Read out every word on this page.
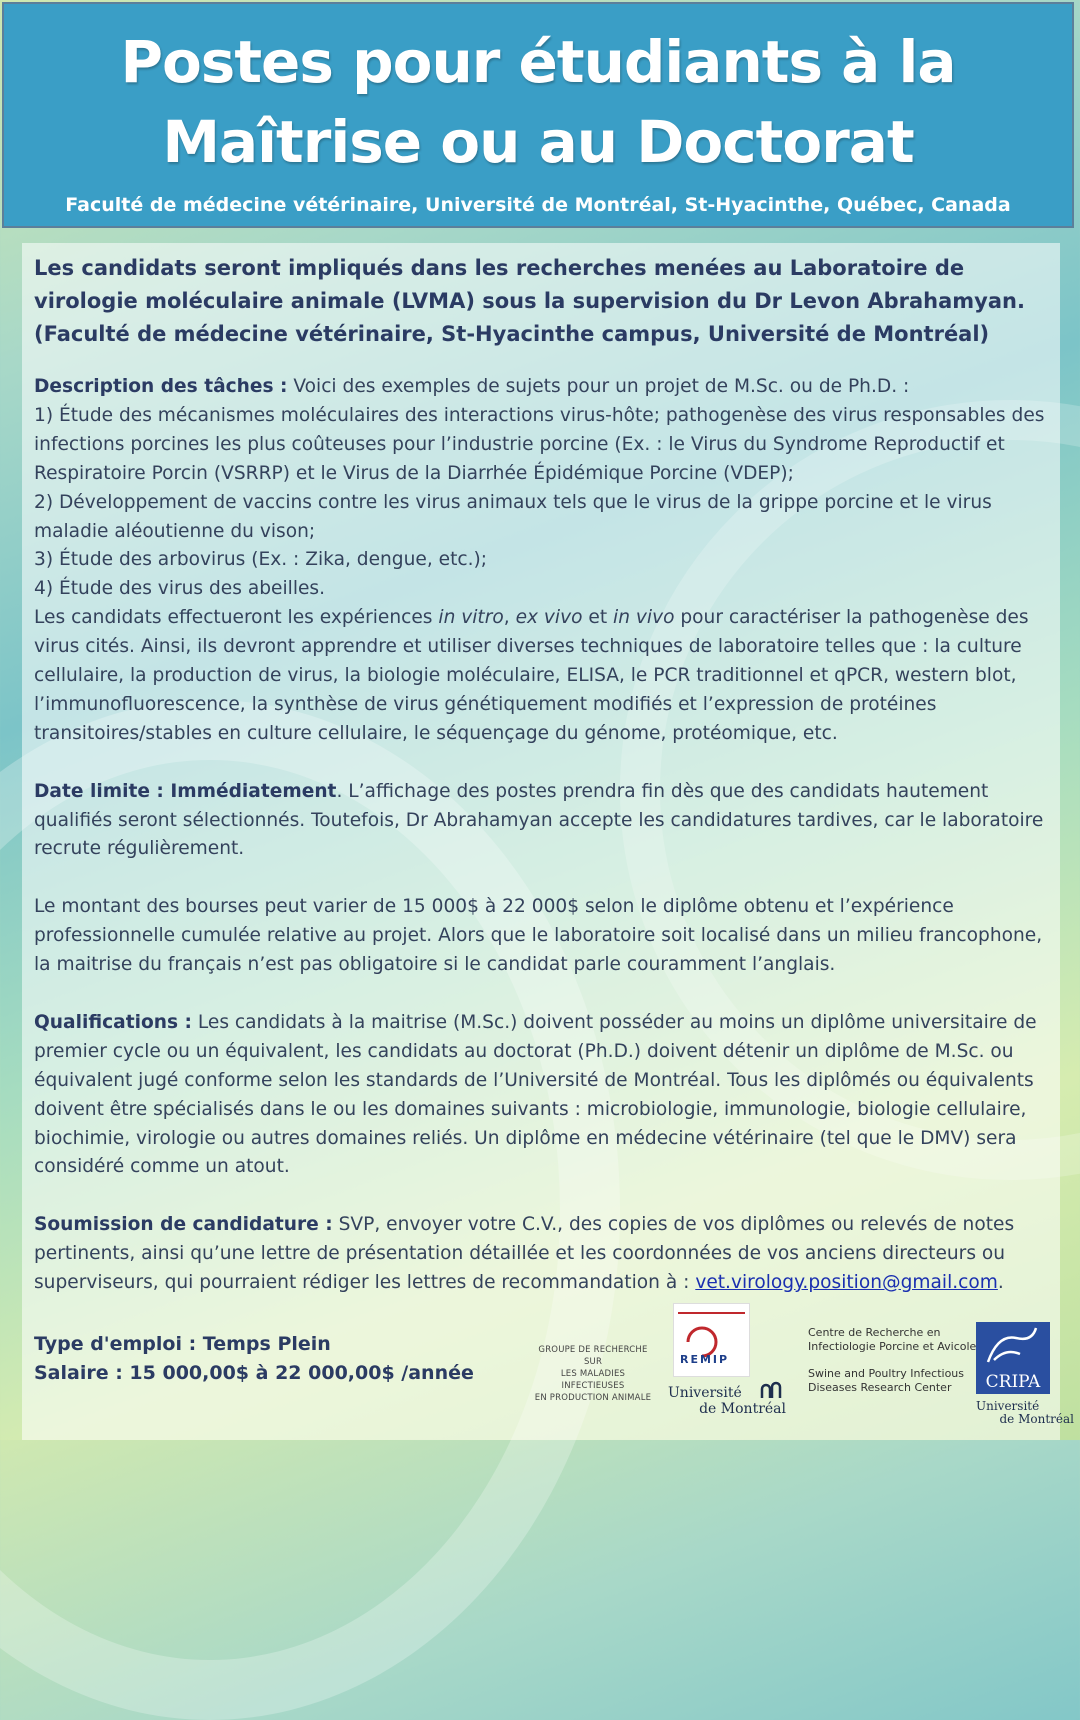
Postes pour étudiants à la
Maîtrise ou au Doctorat
Faculté de médecine vétérinaire, Université de Montréal, St-Hyacinthe, Québec, Canada
Les candidats seront impliqués dans les recherches menées au Laboratoire de virologie moléculaire animale (LVMA) sous la supervision du Dr Levon Abrahamyan.
(Faculté de médecine vétérinaire, St-Hyacinthe campus, Université de Montréal)

Description des tâches : Voici des exemples de sujets pour un projet de M.Sc. ou de Ph.D. :
1) Étude des mécanismes moléculaires des interactions virus-hôte; pathogenèse des virus responsables des infections porcines les plus coûteuses pour l’industrie porcine (Ex. : le Virus du Syndrome Reproductif et Respiratoire Porcin (VSRRP) et le Virus de la Diarrhée Épidémique Porcine (VDEP);
2) Développement de vaccins contre les virus animaux tels que le virus de la grippe porcine et le virus maladie aléoutienne du vison;
3) Étude des arbovirus (Ex. : Zika, dengue, etc.);
4) Étude des virus des abeilles.
Les candidats effectueront les expériences in vitro, ex vivo et in vivo pour caractériser la pathogenèse des virus cités. Ainsi, ils devront apprendre et utiliser diverses techniques de laboratoire telles que : la culture cellulaire, la production de virus, la biologie moléculaire, ELISA, le PCR traditionnel et qPCR, western blot, l’immunofluorescence, la synthèse de virus génétiquement modifiés et l’expression de protéines transitoires/stables en culture cellulaire, le séquençage du génome, protéomique, etc.

Date limite : Immédiatement. L’affichage des postes prendra fin dès que des candidats hautement qualifiés seront sélectionnés. Toutefois, Dr Abrahamyan accepte les candidatures tardives, car le laboratoire recrute régulièrement.

Le montant des bourses peut varier de 15 000$ à 22 000$ selon le diplôme obtenu et l’expérience professionnelle cumulée relative au projet. Alors que le laboratoire soit localisé dans un milieu francophone, la maitrise du français n’est pas obligatoire si le candidat parle couramment l’anglais.

Qualifications : Les candidats à la maitrise (M.Sc.) doivent posséder au moins un diplôme universitaire de premier cycle ou un équivalent, les candidats au doctorat (Ph.D.) doivent détenir un diplôme de M.Sc. ou équivalent jugé conforme selon les standards de l’Université de Montréal. Tous les diplômés ou équivalents doivent être spécialisés dans le ou les domaines suivants : microbiologie, immunologie, biologie cellulaire, biochimie, virologie ou autres domaines reliés. Un diplôme en médecine vétérinaire (tel que le DMV) sera considéré comme un atout.

Soumission de candidature : SVP, envoyer votre C.V., des copies de vos diplômes ou relevés de notes pertinents, ainsi qu’une lettre de présentation détaillée et les coordonnées de vos anciens directeurs ou superviseurs, qui pourraient rédiger les lettres de recommandation à : vet.virology.position@gmail.com.

Type d'emploi : Temps Plein
Salaire : 15 000,00$ à 22 000,00$ /année
GROUPE DE RECHERCHE SUR
LES MALADIES INFECTIEUSES
EN PRODUCTION ANIMALE
REMIP
Université
de Montréal
Centre de Recherche en
Infectiologie Porcine et Avicole
Swine and Poultry Infectious
Diseases Research Center	CRIPA
Université
de Montréal
